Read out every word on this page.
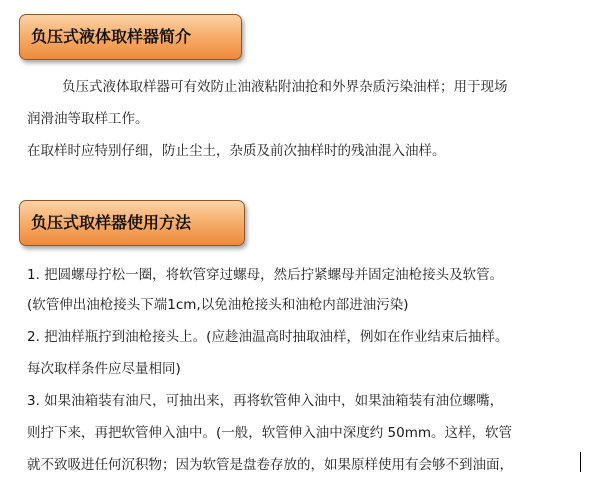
负压式液体取样器简介
负压式液体取样器可有效防止油液粘附油抢和外界杂质污染油样；用于现场
润滑油等取样工作。
在取样时应特别仔细，防止尘土，杂质及前次抽样时的残油混入油样。
负压式取样器使用方法
1. 把圆螺母拧松一圈，将软管穿过螺母，然后拧紧螺母并固定油枪接头及软管。
(软管伸出油枪接头下端1cm,以免油枪接头和油枪内部进油污染)
2. 把油样瓶拧到油枪接头上。(应趁油温高时抽取油样，例如在作业结束后抽样。
每次取样条件应尽量相同)
3. 如果油箱装有油尺，可抽出来，再将软管伸入油中，如果油箱装有油位螺嘴，
则拧下来，再把软管伸入油中。(一般，软管伸入油中深度约 50mm。这样，软管
就不致吸进任何沉积物；因为软管是盘卷存放的，如果原样使用有会够不到油面，
